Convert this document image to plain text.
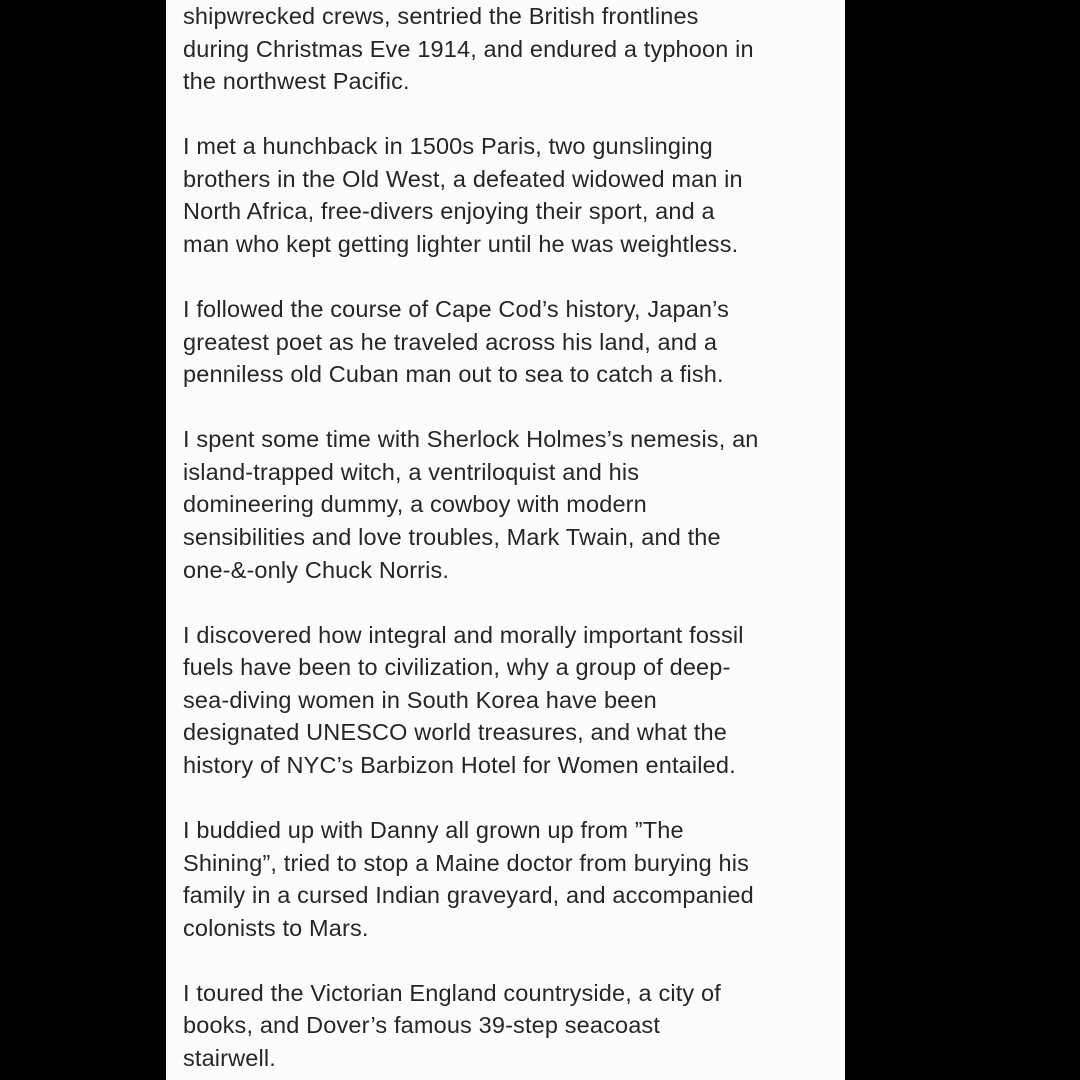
shipwrecked crews, sentried the British frontlines
during Christmas Eve 1914, and endured a typhoon in
the northwest Pacific.
I met a hunchback in 1500s Paris, two gunslinging
brothers in the Old West, a defeated widowed man in
North Africa, free-divers enjoying their sport, and a
man who kept getting lighter until he was weightless.
I followed the course of Cape Cod’s history, Japan’s
greatest poet as he traveled across his land, and a
penniless old Cuban man out to sea to catch a fish.
I spent some time with Sherlock Holmes’s nemesis, an
island-trapped witch, a ventriloquist and his
domineering dummy, a cowboy with modern
sensibilities and love troubles, Mark Twain, and the
one-&-only Chuck Norris.
I discovered how integral and morally important fossil
fuels have been to civilization, why a group of deep-
sea-diving women in South Korea have been
designated UNESCO world treasures, and what the
history of NYC’s Barbizon Hotel for Women entailed.
I buddied up with Danny all grown up from ”The
Shining”, tried to stop a Maine doctor from burying his
family in a cursed Indian graveyard, and accompanied
colonists to Mars.
I toured the Victorian England countryside, a city of
books, and Dover’s famous 39-step seacoast
stairwell.
